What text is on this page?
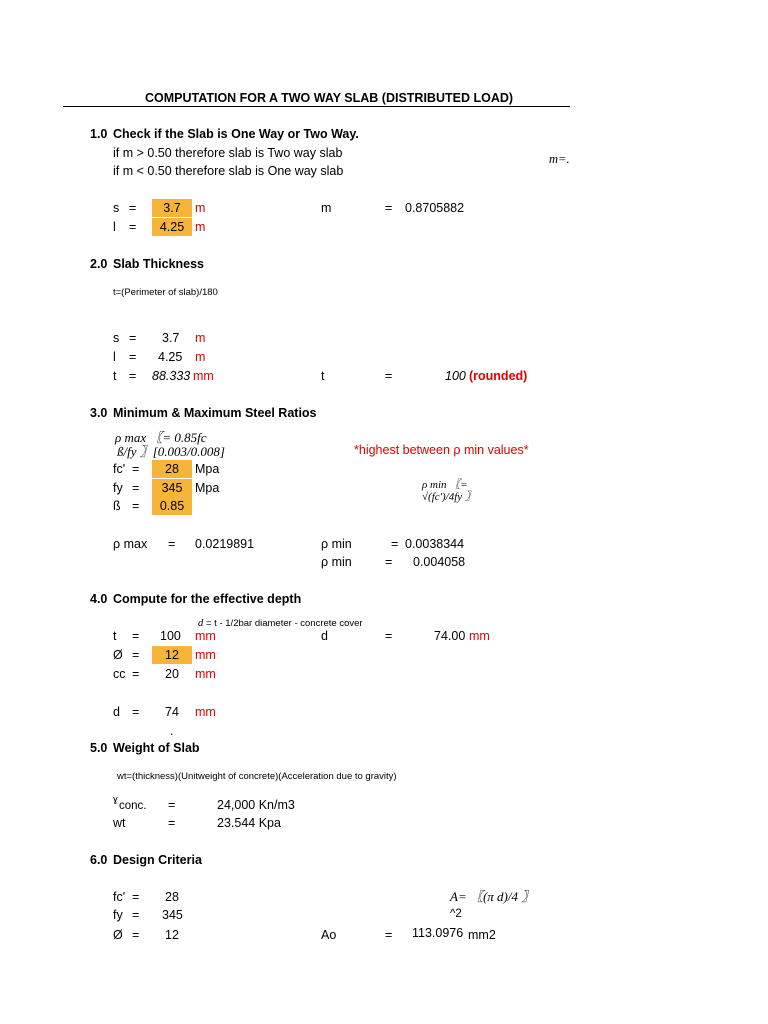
COMPUTATION FOR A TWO WAY SLAB (DISTRIBUTED LOAD)
1.0 Check if the Slab is One Way or Two Way.
if m > 0.50 therefore slab is Two way slab
if m < 0.50 therefore slab is One way slab
m=.
s =	3.7	m
l =	4.25 m
m	= 0.8705882
2.0 Slab Thickness
t=(Perimeter of slab)/180
s = 3.7 m
l = 4.25 m
t = 88.333 mm	t	=	100 (rounded)
3.0 Minimum & Maximum Steel Ratios
ρ max 〖= 0.85fc
ß/fy 〗[0.003/0.008]	*highest between ρ min values*
ρ min 〖=
√(fc')/4fy 〗
fc' =	28	Mpa
fy =	345	Mpa
ß =	0.85
ρ max = 0.0219891	ρ min	= 0.0038344
ρ min	= 0.004058
4.0 Compute for the effective depth
d = t - 1/2bar diameter - concrete cover
t = 100 mm
Ø =	12	mm
cc = 20 mm
d = 74 mm
.
d	=	74.00 mm
5.0 Weight of Slab
wt=(thickness)(Unitweight of concrete)(Acceleration due to gravity)
ɣ
conc. =	24,000 Kn/m3
wt	=	23.544 Kpa
6.0 Design Criteria
fc' = 28
fy = 345
Ø = 12
A= 〖(π d)/4 〗
^2
Ao	= 113.0976 mm2
